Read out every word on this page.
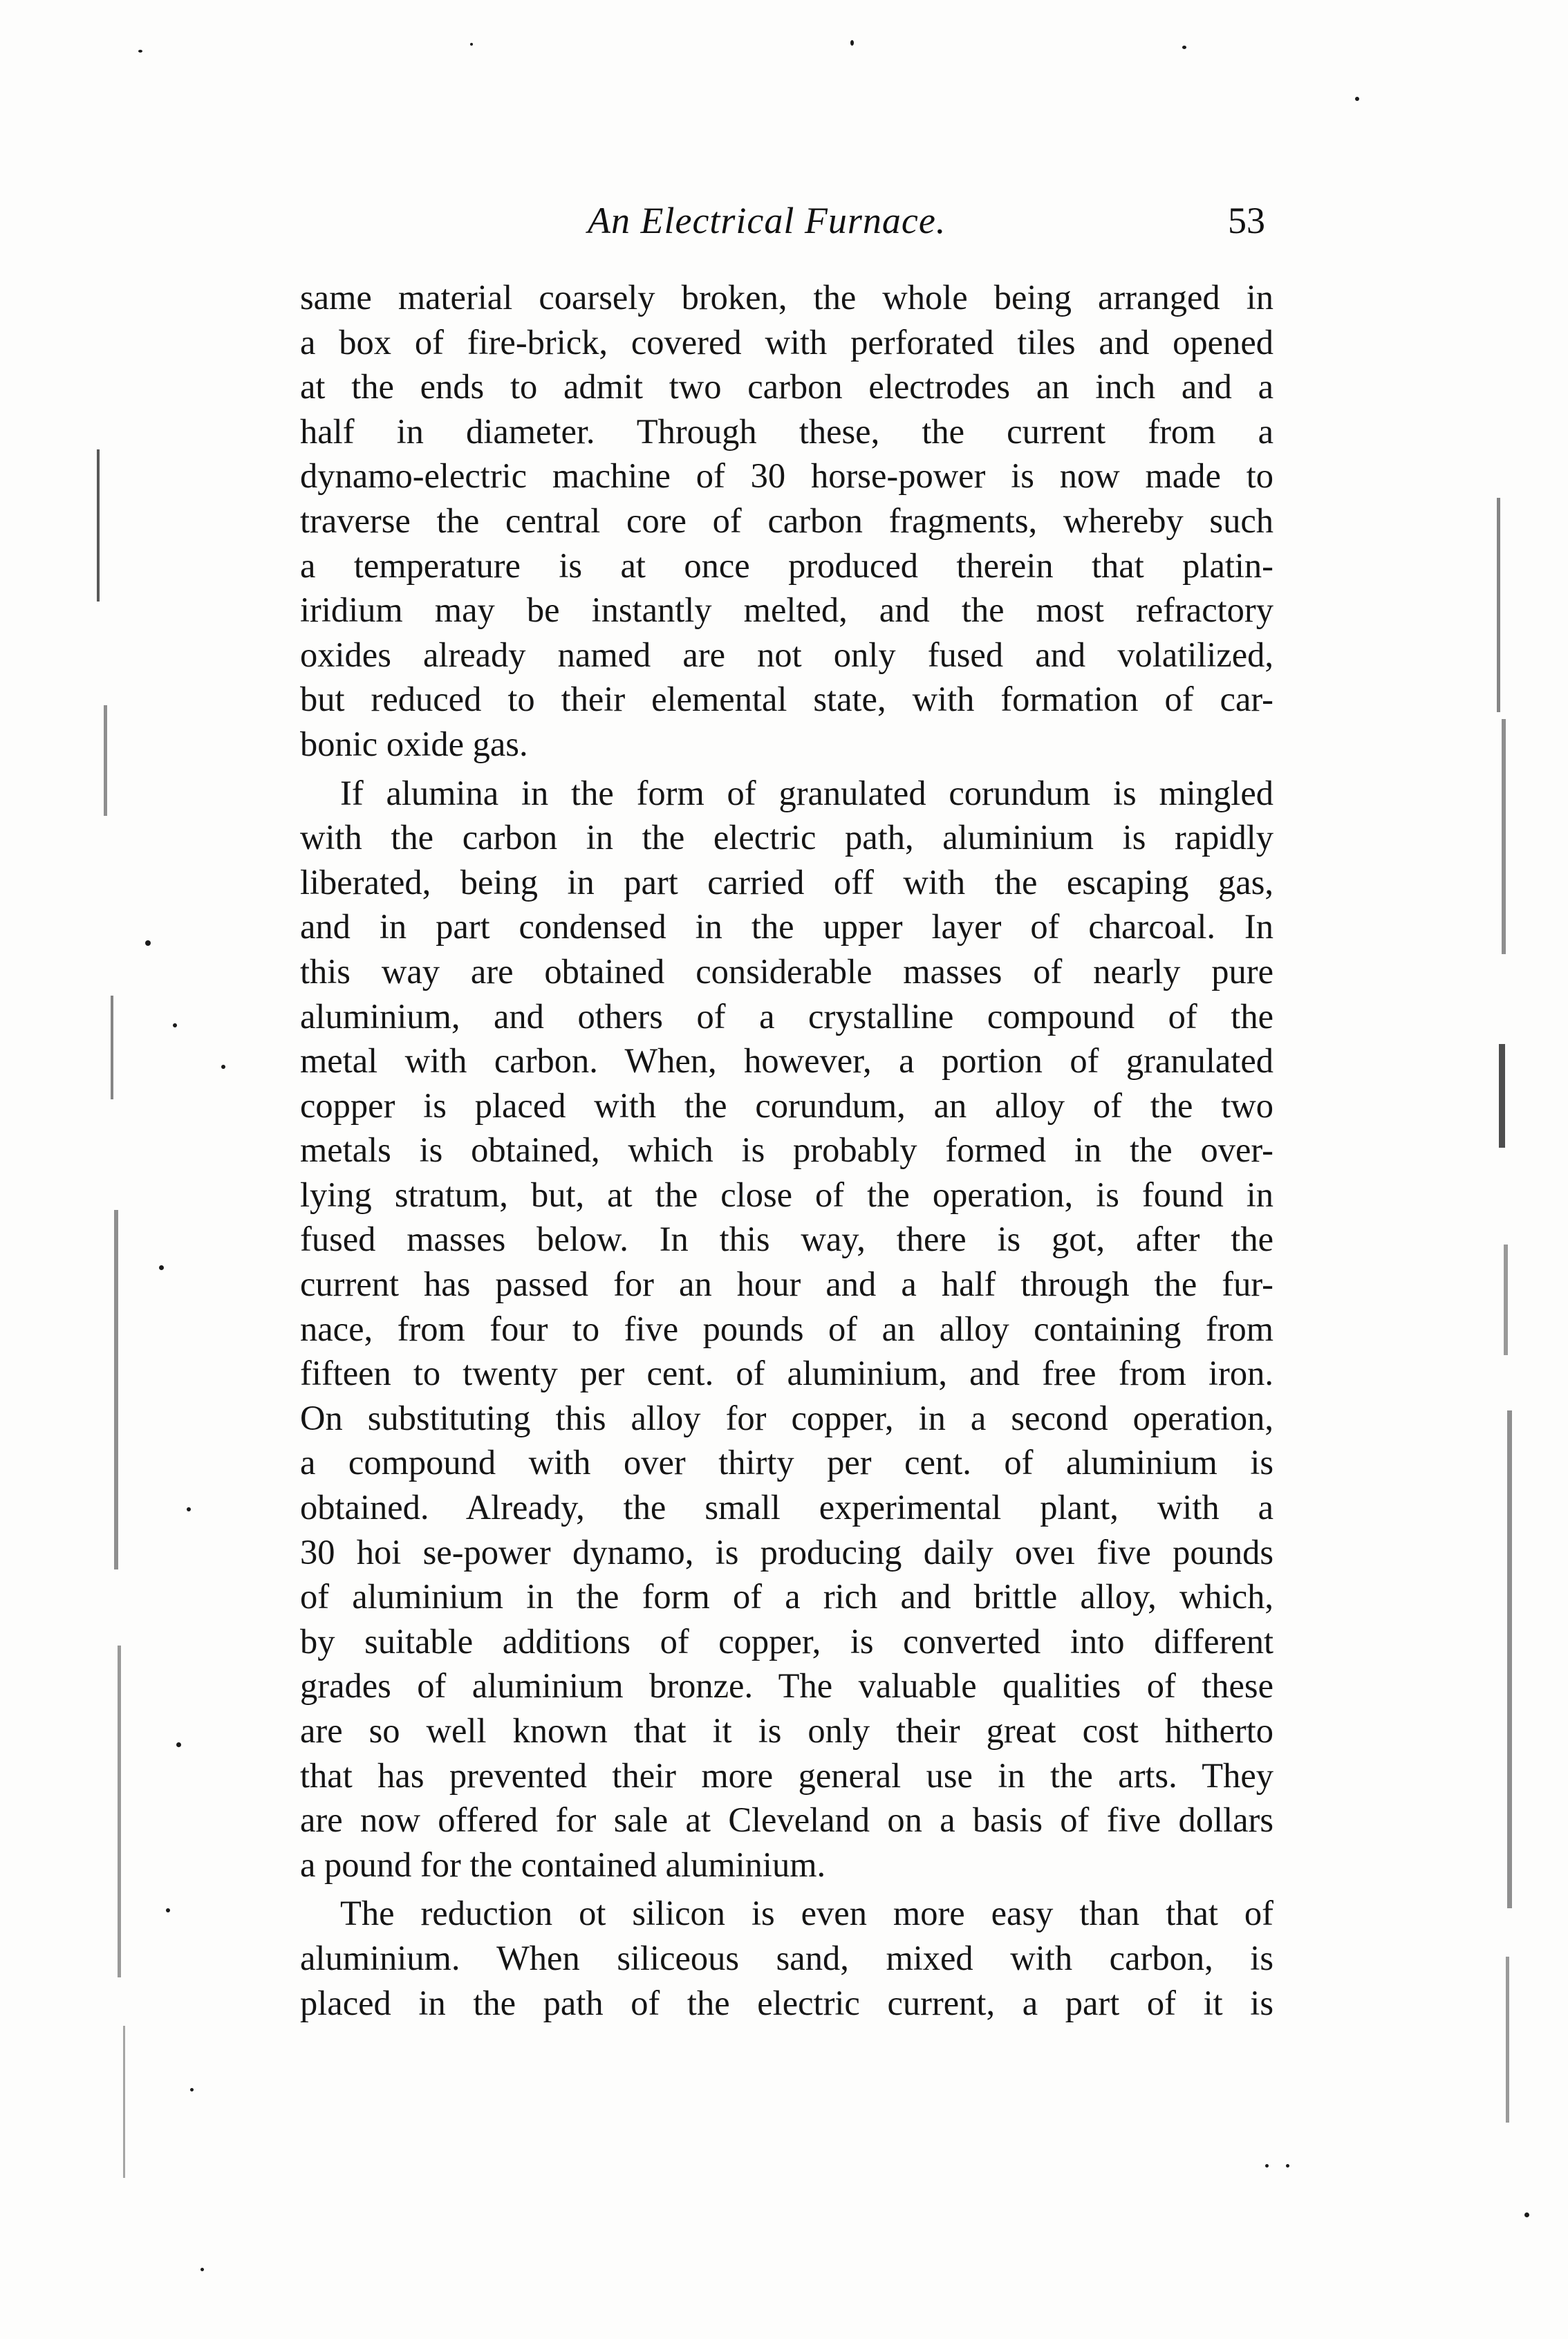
An Electrical Furnace.	53
same material coarsely broken, the whole being arranged in
a box of fire-brick, covered with perforated tiles and opened
at the ends to admit two carbon electrodes an inch and a
half in diameter. Through these, the current from a
dynamo-electric machine of 30 horse-power is now made to
traverse the central core of carbon fragments, whereby such
a temperature is at once produced therein that platin-
iridium may be instantly melted, and the most refractory
oxides already named are not only fused and volatilized,
but reduced to their elemental state, with formation of car-
bonic oxide gas.
If alumina in the form of granulated corundum is mingled
with the carbon in the electric path, aluminium is rapidly
liberated, being in part carried off with the escaping gas,
and in part condensed in the upper layer of charcoal. In
this way are obtained considerable masses of nearly pure
aluminium, and others of a crystalline compound of the
metal with carbon. When, however, a portion of granulated
copper is placed with the corundum, an alloy of the two
metals is obtained, which is probably formed in the over-
lying stratum, but, at the close of the operation, is found in
fused masses below. In this way, there is got, after the
current has passed for an hour and a half through the fur-
nace, from four to five pounds of an alloy containing from
fifteen to twenty per cent. of aluminium, and free from iron.
On substituting this alloy for copper, in a second operation,
a compound with over thirty per cent. of aluminium is
obtained. Already, the small experimental plant, with a
30 hoi se-power dynamo, is producing daily oveı five pounds
of aluminium in the form of a rich and brittle alloy, which,
by suitable additions of copper, is converted into different
grades of aluminium bronze. The valuable qualities of these
are so well known that it is only their great cost hitherto
that has prevented their more general use in the arts. They
are now offered for sale at Cleveland on a basis of five dollars
a pound for the contained aluminium.
The reduction ot silicon is even more easy than that of
aluminium. When siliceous sand, mixed with carbon, is
placed in the path of the electric current, a part of it is
